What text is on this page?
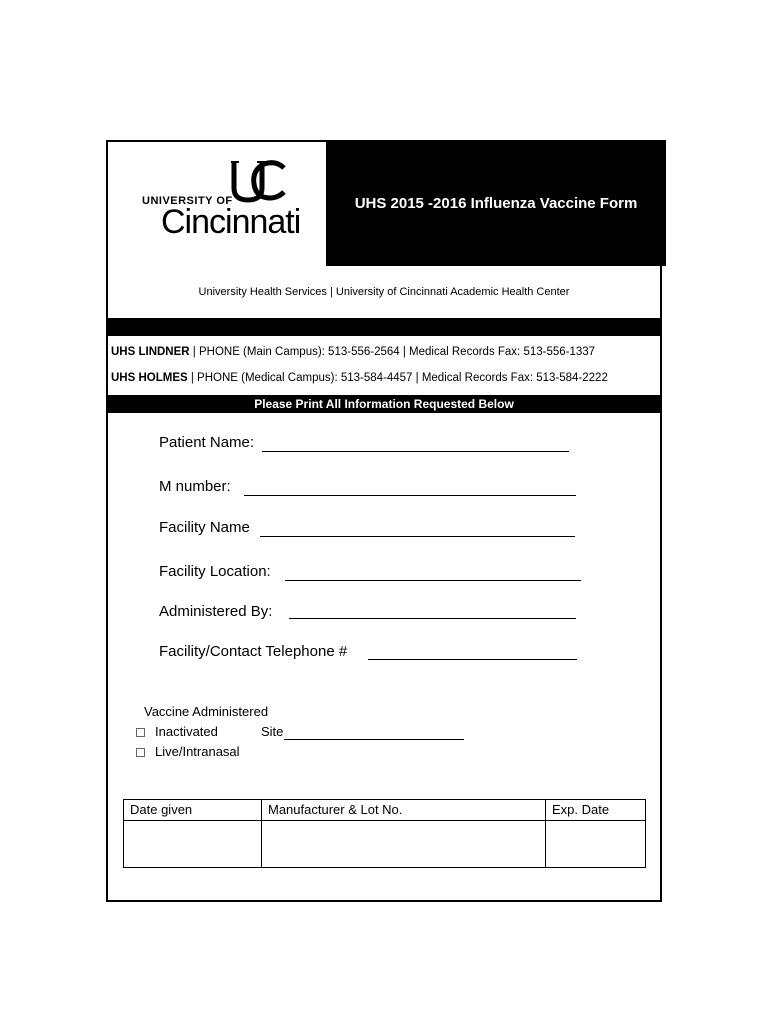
UNIVERSITY OF
Cincinnati	UHS 2015 -2016 Influenza Vaccine Form
University Health Services | University of Cincinnati Academic Health Center
UHS LINDNER | PHONE (Main Campus): 513-556-2564 | Medical Records Fax: 513-556-1337
UHS HOLMES | PHONE (Medical Campus): 513-584-4457 | Medical Records Fax: 513-584-2222
Please Print All Information Requested Below
Patient Name:
M number:
Facility Name
Facility Location:
Administered By:
Facility/Contact Telephone #
Vaccine Administered
Inactivated	Site
Live/Intranasal
Date given	Manufacturer & Lot No.	Exp. Date
